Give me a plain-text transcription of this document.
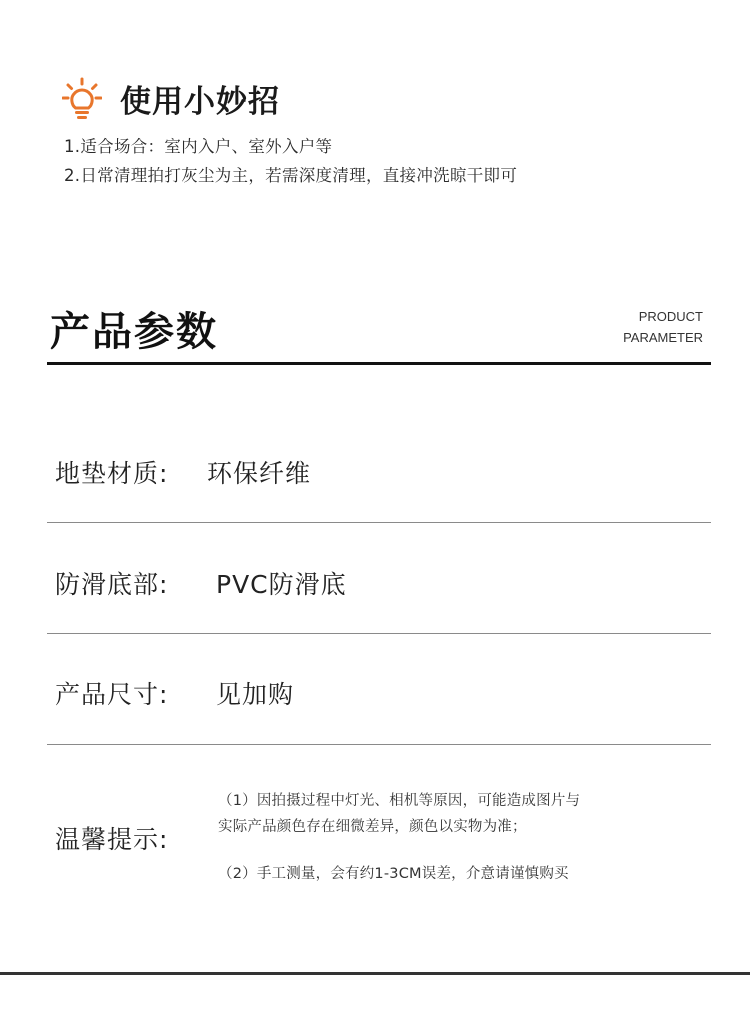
使用小妙招
1.适合场合：室内入户、室外入户等
2.日常清理拍打灰尘为主，若需深度清理，直接冲洗晾干即可
产品参数	PRODUCT
PARAMETER
地垫材质: 环保纤维
防滑底部: PVC防滑底
产品尺寸: 见加购
温馨提示:
（1）因拍摄过程中灯光、相机等原因，可能造成图片与
实际产品颜色存在细微差异，颜色以实物为准；
（2）手工测量，会有约1-3CM误差，介意请谨慎购买
